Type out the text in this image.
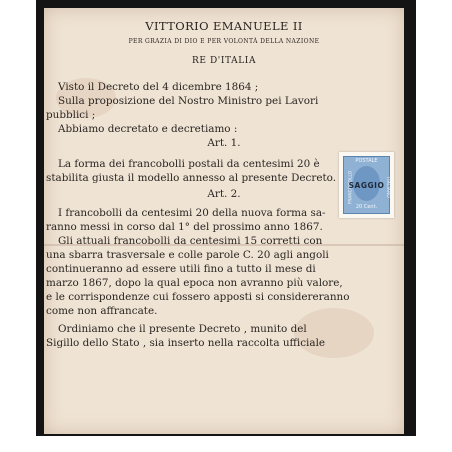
VITTORIO EMANUELE II
PER GRAZIA DI DIO E PER VOLONTÀ DELLA NAZIONE
RE D'ITALIA
Visto il Decreto del 4 dicembre 1864 ;
Sulla proposizione del Nostro Ministro pei Lavori
pubblici ;
Abbiamo decretato e decretiamo :
Art. 1.
La forma dei francobolli postali da centesimi 20 è
stabilita giusta il modello annesso al presente Decreto.
Art. 2.
I francobolli da centesimi 20 della nuova forma sa-
ranno messi in corso dal 1° del prossimo anno 1867.
Gli attuali francobolli da centesimi 15 corretti con
una sbarra trasversale e colle parole C. 20 agli angoli
continueranno ad essere utili fino a tutto il mese di
marzo 1867, dopo la qual epoca non avranno più valore,
e le corrispondenze cui fossero apposti si considereranno
come non affrancate.
Ordiniamo che il presente Decreto , munito del
Sigillo dello Stato , sia inserto nella raccolta ufficiale
POSTALE
FRANCOBOLLO	ITALIANO
SAGGIO
20 Cent.
